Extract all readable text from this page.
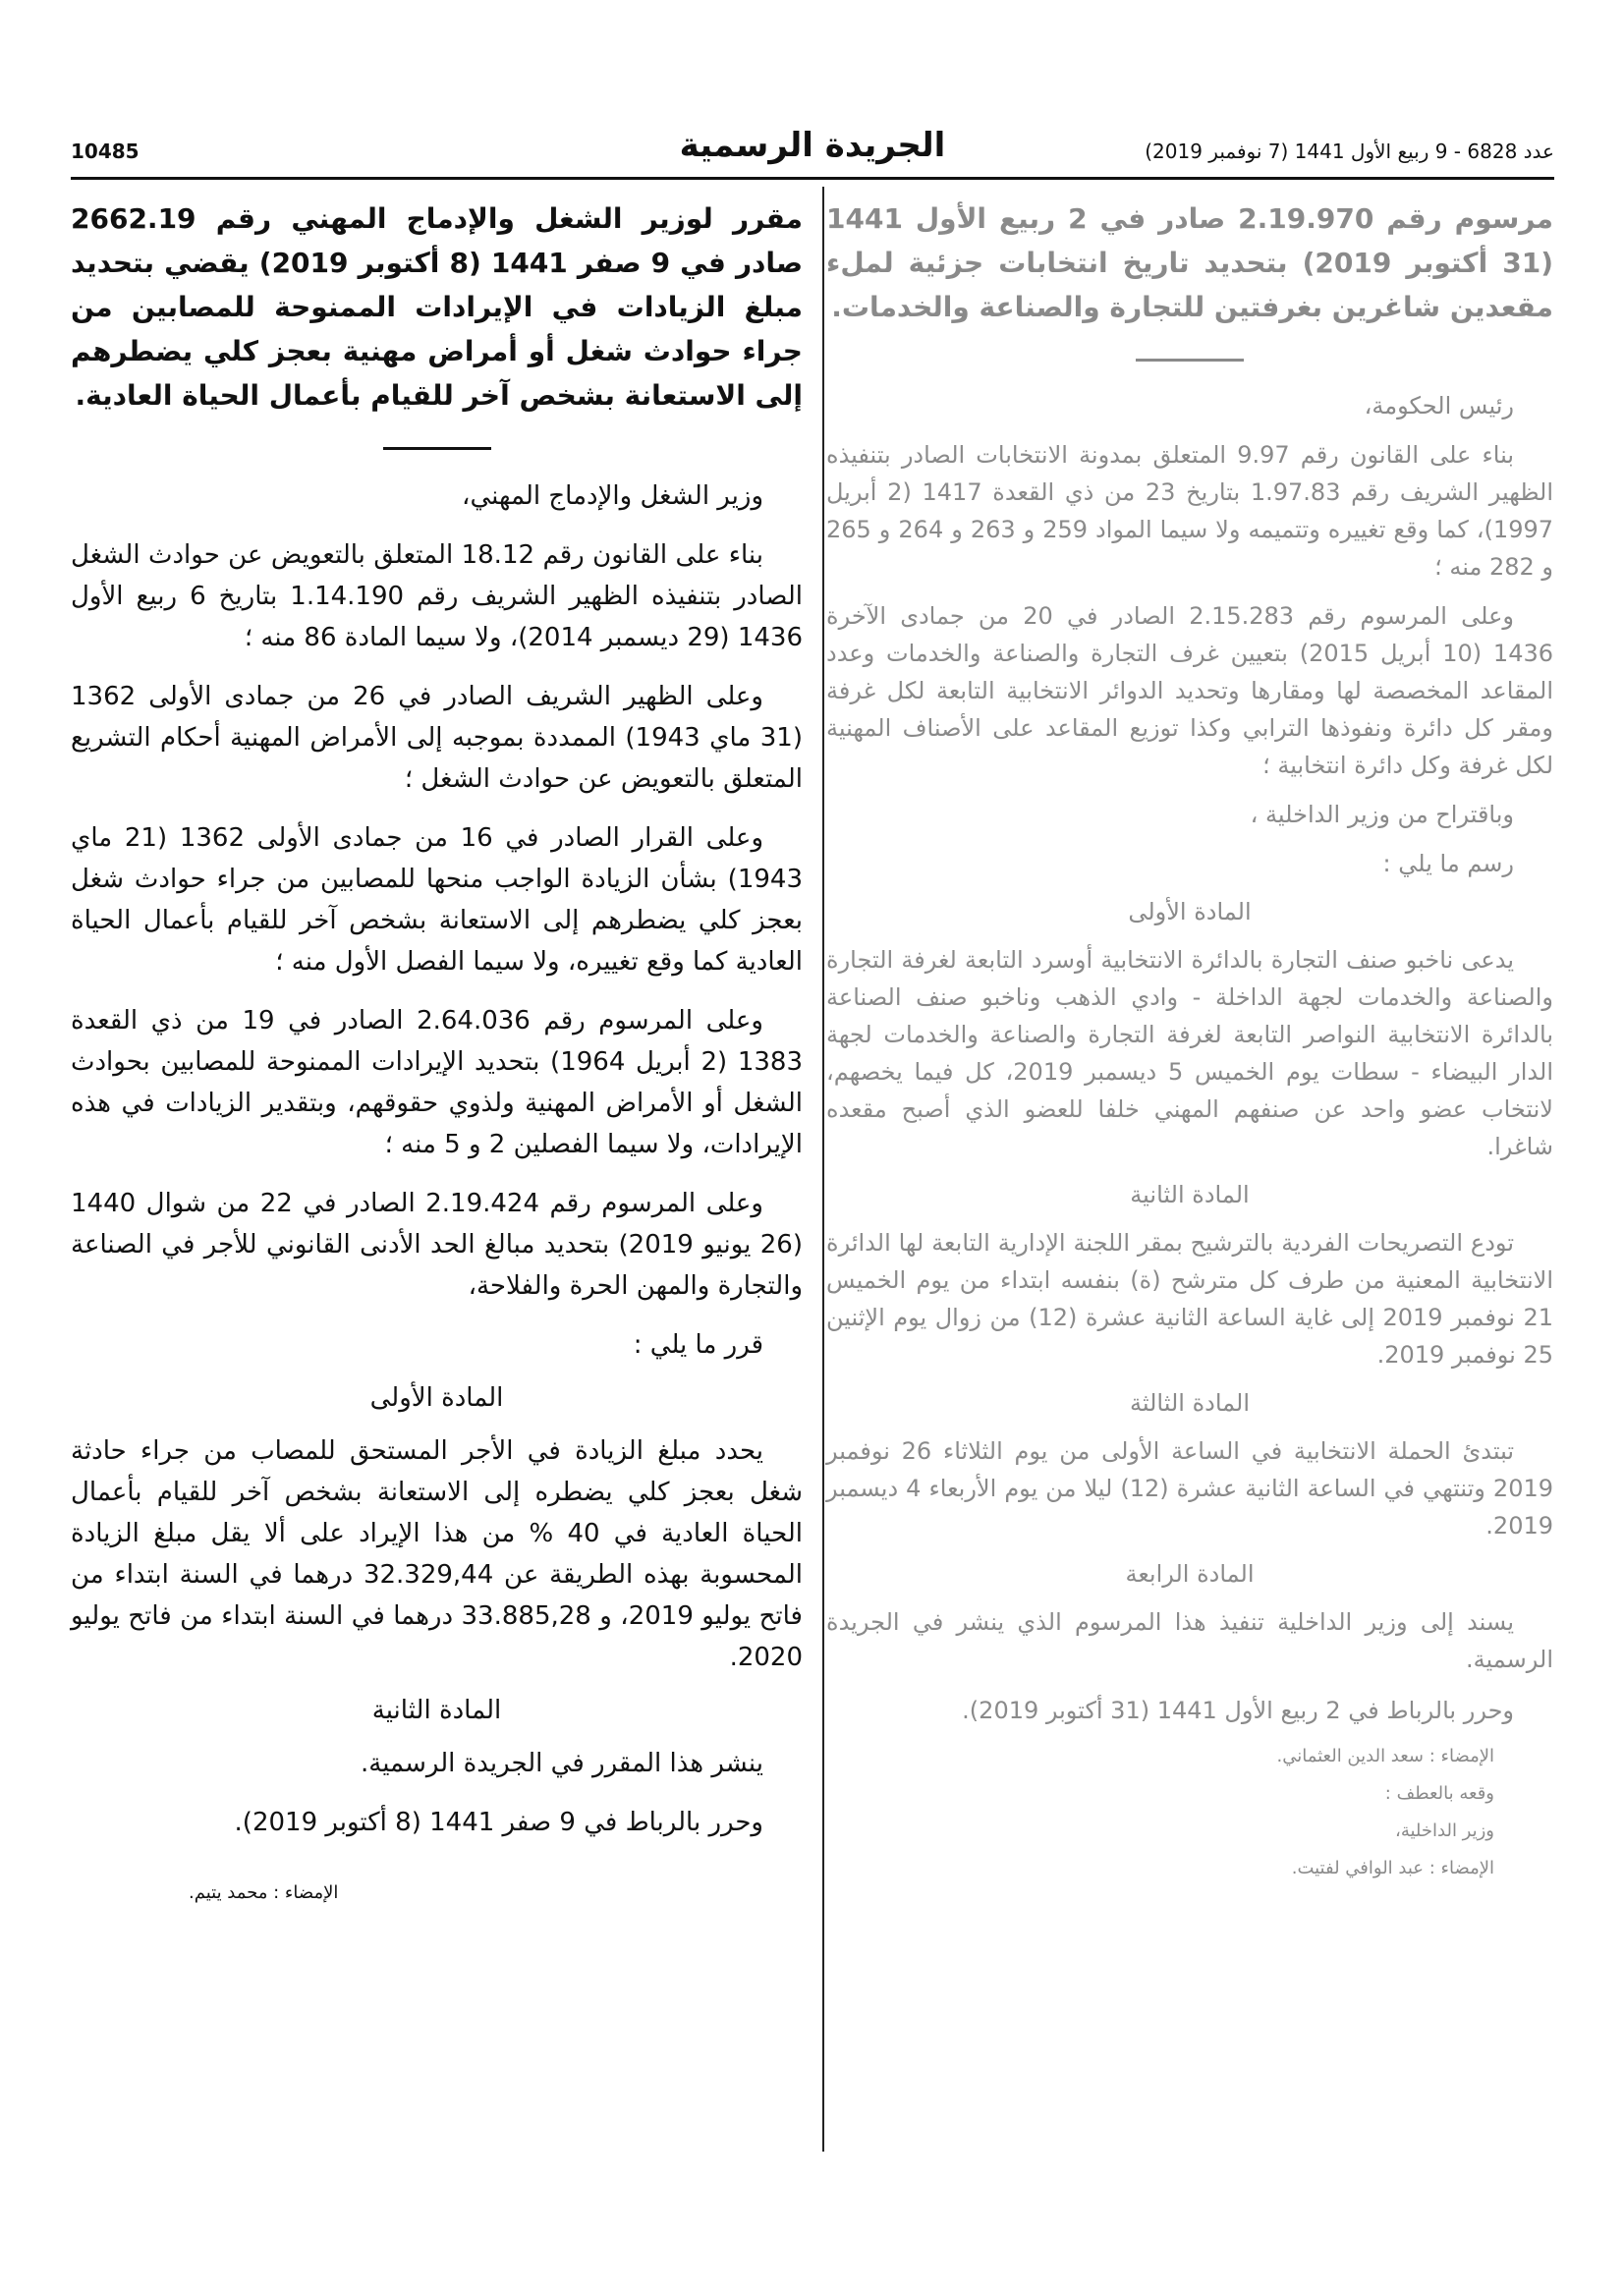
10485	الجريدة الرسمية	عدد 6828 - 9 ربيع الأول 1441 (7 نوفمبر 2019)
مرسوم رقم 2.19.970 صادر في 2 ربيع الأول 1441 (31 أكتوبر 2019) بتحديد تاريخ انتخابات جزئية لملء مقعدين شاغرين بغرفتين للتجارة والصناعة والخدمات.

رئيس الحكومة،

بناء على القانون رقم 9.97 المتعلق بمدونة الانتخابات الصادر بتنفيذه الظهير الشريف رقم 1.97.83 بتاريخ 23 من ذي القعدة 1417 (2 أبريل 1997)، كما وقع تغييره وتتميمه ولا سيما المواد 259 و 263 و 264 و 265 و 282 منه ؛

وعلى المرسوم رقم 2.15.283 الصادر في 20 من جمادى الآخرة 1436 (10 أبريل 2015) بتعيين غرف التجارة والصناعة والخدمات وعدد المقاعد المخصصة لها ومقارها وتحديد الدوائر الانتخابية التابعة لكل غرفة ومقر كل دائرة ونفوذها الترابي وكذا توزيع المقاعد على الأصناف المهنية لكل غرفة وكل دائرة انتخابية ؛

وباقتراح من وزير الداخلية ،

رسم ما يلي :

المادة الأولى

يدعى ناخبو صنف التجارة بالدائرة الانتخابية أوسرد التابعة لغرفة التجارة والصناعة والخدمات لجهة الداخلة - وادي الذهب وناخبو صنف الصناعة بالدائرة الانتخابية النواصر التابعة لغرفة التجارة والصناعة والخدمات لجهة الدار البيضاء - سطات يوم الخميس 5 ديسمبر 2019، كل فيما يخصهم، لانتخاب عضو واحد عن صنفهم المهني خلفا للعضو الذي أصبح مقعده شاغرا.

المادة الثانية

تودع التصريحات الفردية بالترشيح بمقر اللجنة الإدارية التابعة لها الدائرة الانتخابية المعنية من طرف كل مترشح (ة) بنفسه ابتداء من يوم الخميس 21 نوفمبر 2019 إلى غاية الساعة الثانية عشرة (12) من زوال يوم الإثنين 25 نوفمبر 2019.

المادة الثالثة

تبتدئ الحملة الانتخابية في الساعة الأولى من يوم الثلاثاء 26 نوفمبر 2019 وتنتهي في الساعة الثانية عشرة (12) ليلا من يوم الأربعاء 4 ديسمبر 2019.

المادة الرابعة

يسند إلى وزير الداخلية تنفيذ هذا المرسوم الذي ينشر في الجريدة الرسمية.

وحرر بالرباط في 2 ربيع الأول 1441 (31 أكتوبر 2019).

الإمضاء : سعد الدين العثماني.
وقعه بالعطف :
وزير الداخلية،
الإمضاء : عبد الوافي لفتيت.
مقرر لوزير الشغل والإدماج المهني رقم 2662.19 صادر في 9 صفر 1441 (8 أكتوبر 2019) يقضي بتحديد مبلغ الزيادات في الإيرادات الممنوحة للمصابين من جراء حوادث شغل أو أمراض مهنية بعجز كلي يضطرهم إلى الاستعانة بشخص آخر للقيام بأعمال الحياة العادية.

وزير الشغل والإدماج المهني،

بناء على القانون رقم 18.12 المتعلق بالتعويض عن حوادث الشغل الصادر بتنفيذه الظهير الشريف رقم 1.14.190 بتاريخ 6 ربيع الأول 1436 (29 ديسمبر 2014)، ولا سيما المادة 86 منه ؛

وعلى الظهير الشريف الصادر في 26 من جمادى الأولى 1362 (31 ماي 1943) الممددة بموجبه إلى الأمراض المهنية أحكام التشريع المتعلق بالتعويض عن حوادث الشغل ؛

وعلى القرار الصادر في 16 من جمادى الأولى 1362 (21 ماي 1943) بشأن الزيادة الواجب منحها للمصابين من جراء حوادث شغل بعجز كلي يضطرهم إلى الاستعانة بشخص آخر للقيام بأعمال الحياة العادية كما وقع تغييره، ولا سيما الفصل الأول منه ؛

وعلى المرسوم رقم 2.64.036 الصادر في 19 من ذي القعدة 1383 (2 أبريل 1964) بتحديد الإيرادات الممنوحة للمصابين بحوادث الشغل أو الأمراض المهنية ولذوي حقوقهم، وبتقدير الزيادات في هذه الإيرادات، ولا سيما الفصلين 2 و 5 منه ؛

وعلى المرسوم رقم 2.19.424 الصادر في 22 من شوال 1440 (26 يونيو 2019) بتحديد مبالغ الحد الأدنى القانوني للأجر في الصناعة والتجارة والمهن الحرة والفلاحة،

قرر ما يلي :

المادة الأولى

يحدد مبلغ الزيادة في الأجر المستحق للمصاب من جراء حادثة شغل بعجز كلي يضطره إلى الاستعانة بشخص آخر للقيام بأعمال الحياة العادية في 40 % من هذا الإيراد على ألا يقل مبلغ الزيادة المحسوبة بهذه الطريقة عن 32.329,44 درهما في السنة ابتداء من فاتح يوليو 2019، و 33.885,28 درهما في السنة ابتداء من فاتح يوليو 2020.

المادة الثانية

ينشر هذا المقرر في الجريدة الرسمية.

وحرر بالرباط في 9 صفر 1441 (8 أكتوبر 2019).

الإمضاء : محمد يتيم.
